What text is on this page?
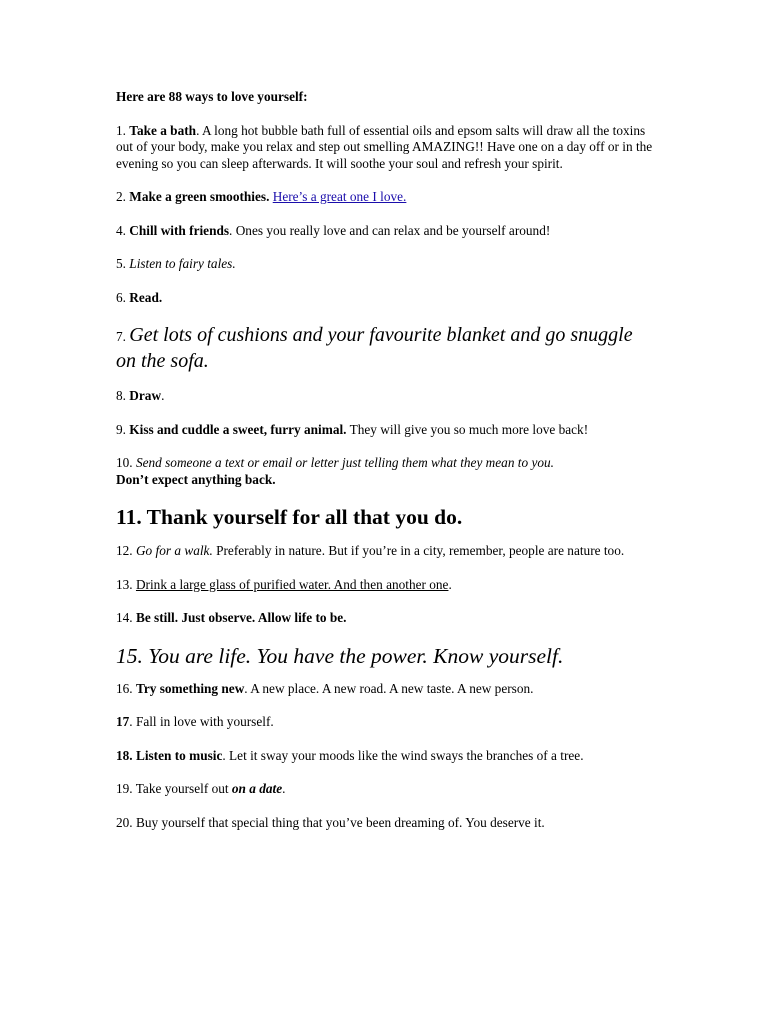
Here are 88 ways to love yourself:

1. Take a bath. A long hot bubble bath full of essential oils and epsom salts will draw all the toxins out of your body, make you relax and step out smelling AMAZING!! Have one on a day off or in the evening so you can sleep afterwards. It will soothe your soul and refresh your spirit.

2. Make a green smoothies. Here’s a great one I love.

4. Chill with friends. Ones you really love and can relax and be yourself around!

5. Listen to fairy tales.

6. Read.

7. Get lots of cushions and your favourite blanket and go snuggle on the sofa.

8. Draw.

9. Kiss and cuddle a sweet, furry animal. They will give you so much more love back!

10. Send someone a text or email or letter just telling them what they mean to you.
Don’t expect anything back.

11. Thank yourself for all that you do.

12. Go for a walk. Preferably in nature. But if you’re in a city, remember, people are nature too.

13. Drink a large glass of purified water. And then another one.

14. Be still. Just observe. Allow life to be.

15. You are life. You have the power. Know yourself.

16. Try something new. A new place. A new road. A new taste. A new person.

17. Fall in love with yourself.

18. Listen to music. Let it sway your moods like the wind sways the branches of a tree.

19. Take yourself out on a date.

20. Buy yourself that special thing that you’ve been dreaming of. You deserve it.
